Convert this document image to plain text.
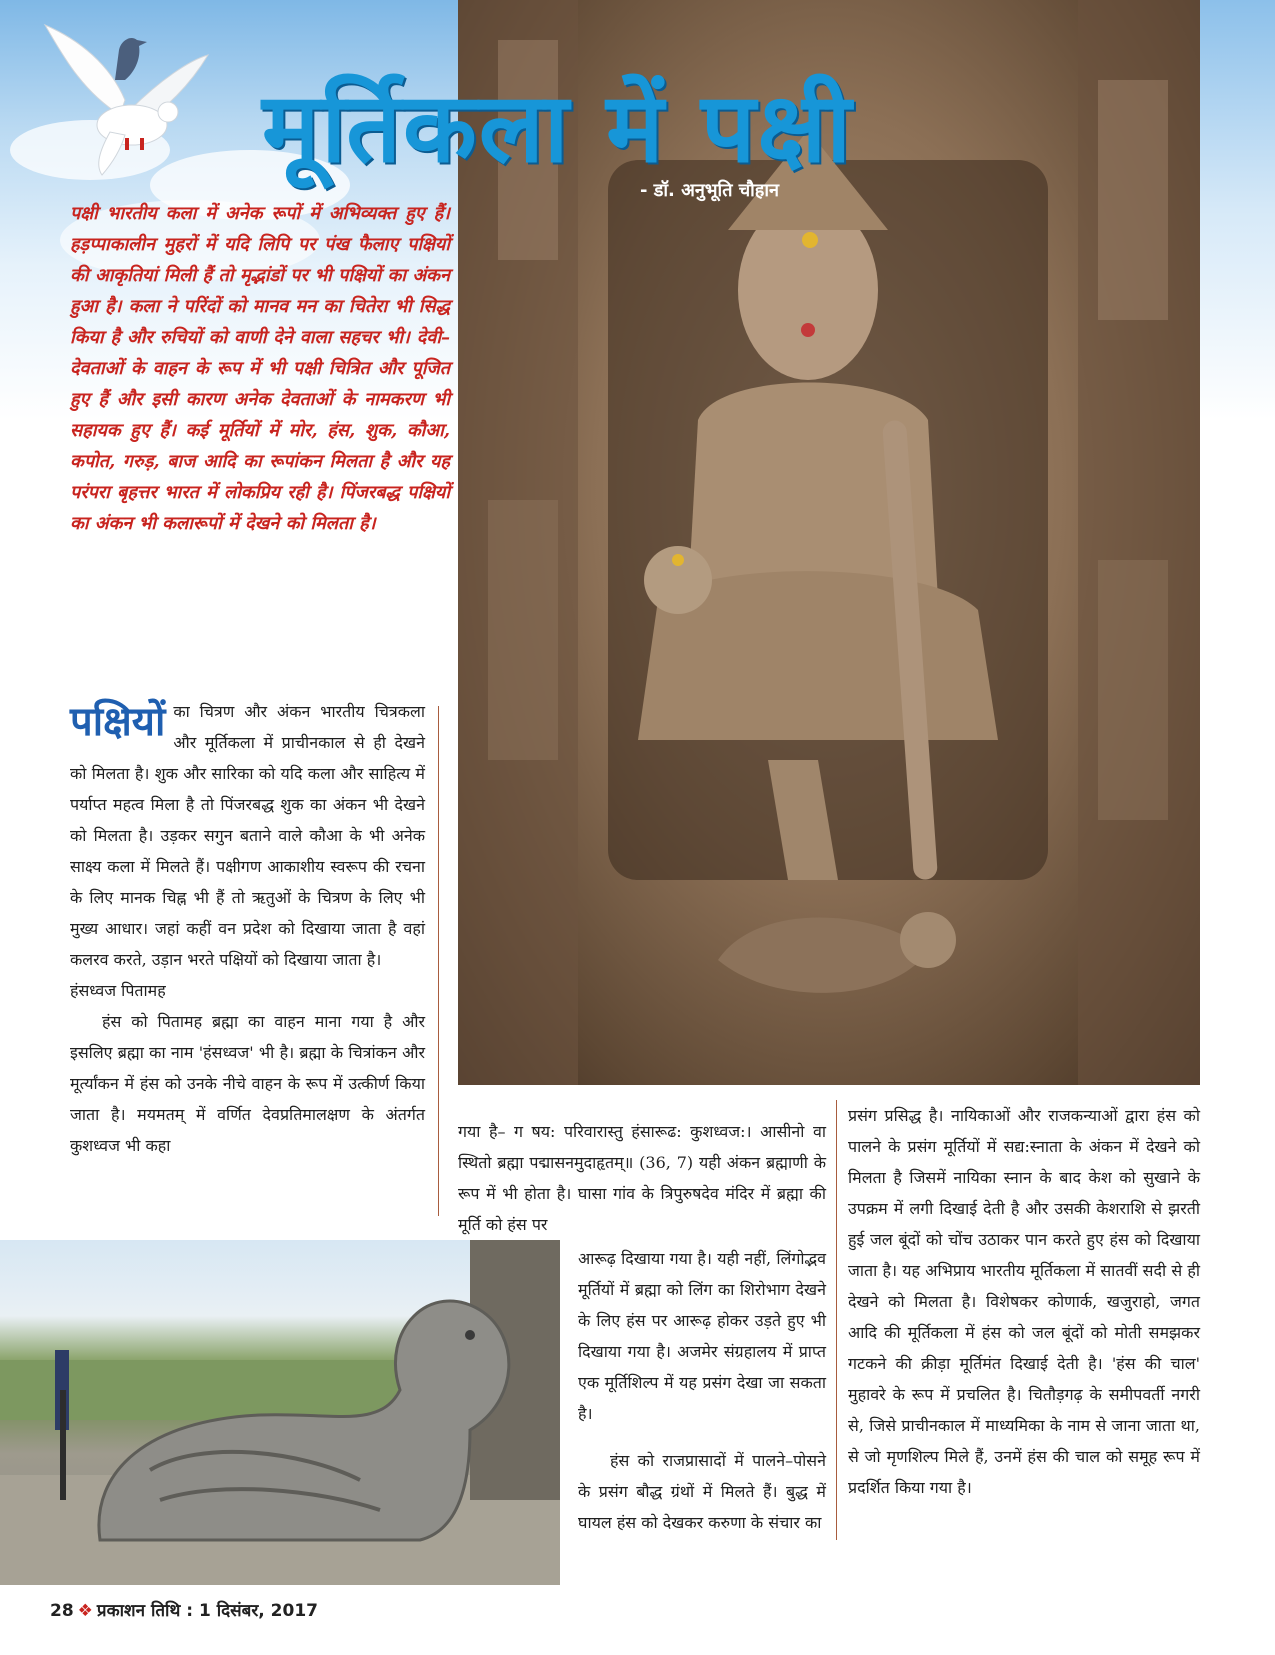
मूर्तिकला में पक्षी
- डॉ. अनुभूति चौहान
पक्षी भारतीय कला में अनेक रूपों में अभिव्यक्त हुए हैं। हड़प्पाकालीन मुहरों में यदि लिपि पर पंख फैलाए पक्षियों की आकृतियां मिली हैं तो मृद्भांडों पर भी पक्षियों का अंकन हुआ है। कला ने परिंदों को मानव मन का चितेरा भी सिद्ध किया है और रुचियों को वाणी देने वाला सहचर भी। देवी–देवताओं के वाहन के रूप में भी पक्षी चित्रित और पूजित हुए हैं और इसी कारण अनेक देवताओं के नामकरण भी सहायक हुए हैं। कई मूर्तियों में मोर, हंस, शुक, कौआ, कपोत, गरुड़, बाज आदि का रूपांकन मिलता है और यह परंपरा बृहत्तर भारत में लोकप्रिय रही है। पिंजरबद्ध पक्षियों का अंकन भी कलारूपों में देखने को मिलता है।
पक्षियों का चित्रण और अंकन भारतीय चित्रकला और मूर्तिकला में प्राचीनकाल से ही देखने को मिलता है। शुक और सारिका को यदि कला और साहित्य में पर्याप्त महत्व मिला है तो पिंजरबद्ध शुक का अंकन भी देखने को मिलता है। उड़कर सगुन बताने वाले कौआ के भी अनेक साक्ष्य कला में मिलते हैं। पक्षीगण आकाशीय स्वरूप की रचना के लिए मानक चिह्न भी हैं तो ऋतुओं के चित्रण के लिए भी मुख्य आधार। जहां कहीं वन प्रदेश को दिखाया जाता है वहां कलरव करते, उड़ान भरते पक्षियों को दिखाया जाता है।

हंसध्वज पितामह

हंस को पितामह ब्रह्मा का वाहन माना गया है और इसलिए ब्रह्मा का नाम 'हंसध्वज' भी है। ब्रह्मा के चित्रांकन और मूर्त्यांकन में हंस को उनके नीचे वाहन के रूप में उत्कीर्ण किया जाता है। मयमतम् में वर्णित देवप्रतिमालक्षण के अंतर्गत कुशध्वज भी कहा

गया है– ग षय: परिवारास्तु हंसारूढ: कुशध्वज:। आसीनो वा स्थितो ब्रह्मा पद्मासनमुदाहृतम्॥ (36, 7) यही अंकन ब्रह्माणी के रूप में भी होता है। घासा गांव के त्रिपुरुषदेव मंदिर में ब्रह्मा की मूर्ति को हंस पर

आरूढ़ दिखाया गया है। यही नहीं, लिंगोद्भव मूर्तियों में ब्रह्मा को लिंग का शिरोभाग देखने के लिए हंस पर आरूढ़ होकर उड़ते हुए भी दिखाया गया है। अजमेर संग्रहालय में प्राप्त एक मूर्तिशिल्प में यह प्रसंग देखा जा सकता है।

हंस को राजप्रासादों में पालने–पोसने के प्रसंग बौद्ध ग्रंथों में मिलते हैं। बुद्ध में घायल हंस को देखकर करुणा के संचार का

प्रसंग प्रसिद्ध है। नायिकाओं और राजकन्याओं द्वारा हंस को पालने के प्रसंग मूर्तियों में सद्य:स्नाता के अंकन में देखने को मिलता है जिसमें नायिका स्नान के बाद केश को सुखाने के उपक्रम में लगी दिखाई देती है और उसकी केशराशि से झरती हुई जल बूंदों को चोंच उठाकर पान करते हुए हंस को दिखाया जाता है। यह अभिप्राय भारतीय मूर्तिकला में सातवीं सदी से ही देखने को मिलता है। विशेषकर कोणार्क, खजुराहो, जगत आदि की मूर्तिकला में हंस को जल बूंदों को मोती समझकर गटकने की क्रीड़ा मूर्तिमंत दिखाई देती है। 'हंस की चाल' मुहावरे के रूप में प्रचलित है। चितौड़गढ़ के समीपवर्ती नगरी से, जिसे प्राचीनकाल में माध्यमिका के नाम से जाना जाता था, से जो मृणशिल्प मिले हैं, उनमें हंस की चाल को समूह रूप में प्रदर्शित किया गया है।

28 ❖ प्रकाशन तिथि : 1 दिसंबर, 2017
